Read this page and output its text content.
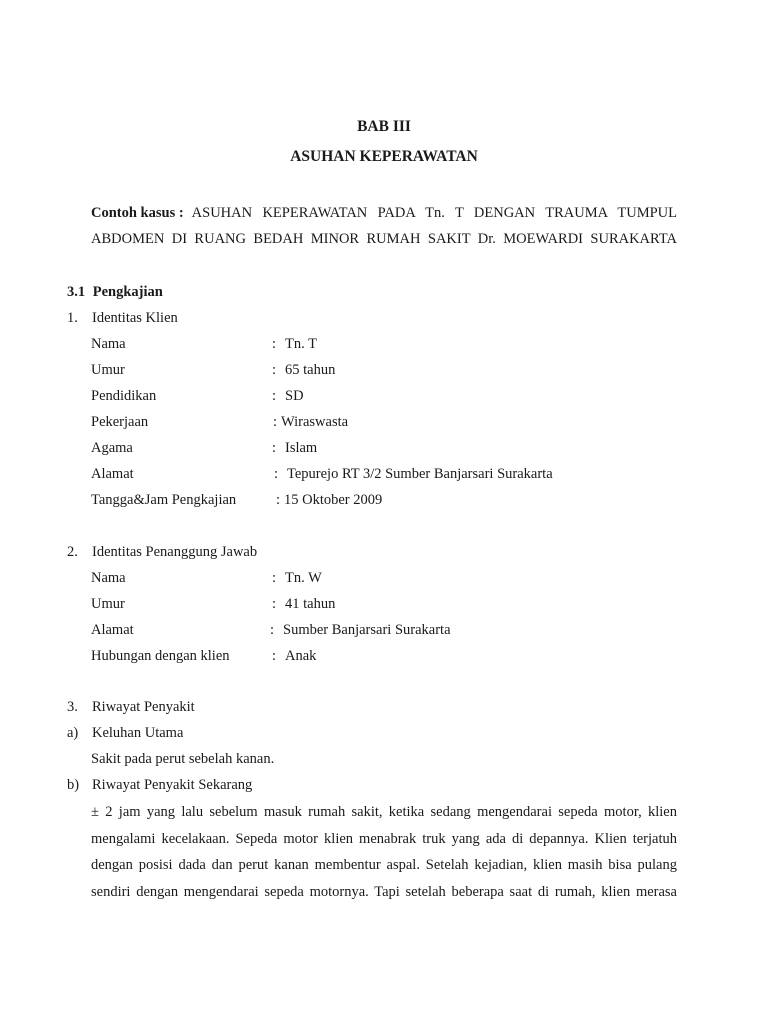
BAB III
ASUHAN KEPERAWATAN
Contoh kasus : ASUHAN KEPERAWATAN PADA Tn. T DENGAN TRAUMA TUMPUL
ABDOMEN DI RUANG BEDAH MINOR RUMAH SAKIT Dr. MOEWARDI SURAKARTA
3.1 Pengkajian
1. Identitas Klien
Nama	: Tn. T
Umur	: 65 tahun
Pendidikan	: SD
Pekerjaan	: Wiraswasta
Agama	: Islam
Alamat	: Tepurejo RT 3/2 Sumber Banjarsari Surakarta
Tangga&Jam Pengkajian	: 15 Oktober 2009
2. Identitas Penanggung Jawab
Nama	: Tn. W
Umur	: 41 tahun
Alamat	: Sumber Banjarsari Surakarta
Hubungan dengan klien	: Anak
3. Riwayat Penyakit
a) Keluhan Utama
Sakit pada perut sebelah kanan.
b) Riwayat Penyakit Sekarang
± 2 jam yang lalu sebelum masuk rumah sakit, ketika sedang mengendarai sepeda motor, klien
mengalami kecelakaan. Sepeda motor klien menabrak truk yang ada di depannya. Klien terjatuh
dengan posisi dada dan perut kanan membentur aspal. Setelah kejadian, klien masih bisa pulang
sendiri dengan mengendarai sepeda motornya. Tapi setelah beberapa saat di rumah, klien merasa
